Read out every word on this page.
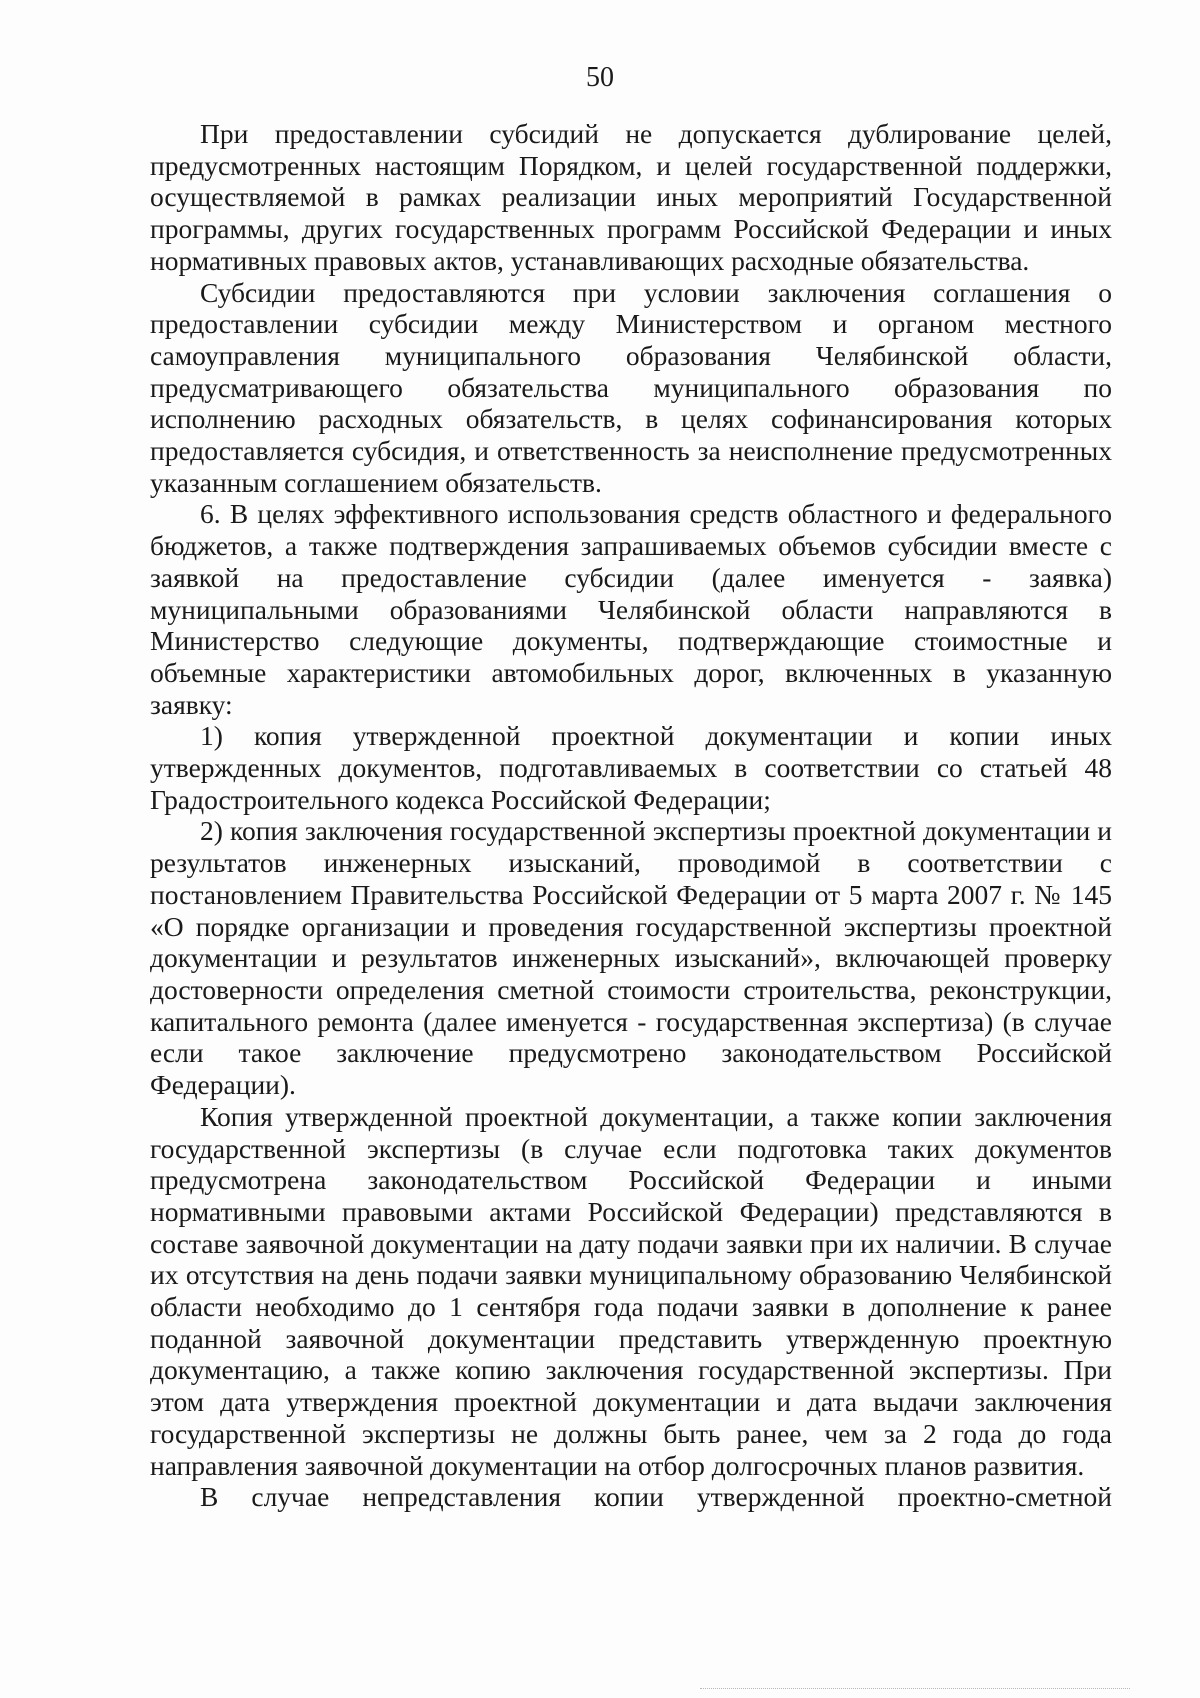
50

При предоставлении субсидий не допускается дублирование целей, предусмотренных настоящим Порядком, и целей государственной поддержки, осуществляемой в рамках реализации иных мероприятий Государственной программы, других государственных программ Российской Федерации и иных нормативных правовых актов, устанавливающих расходные обязательства.

Субсидии предоставляются при условии заключения соглашения о предоставлении субсидии между Министерством и органом местного самоуправления муниципального образования Челябинской области, предусматривающего обязательства муниципального образования по исполнению расходных обязательств, в целях софинансирования которых предоставляется субсидия, и ответственность за неисполнение предусмотренных указанным соглашением обязательств.

6. В целях эффективного использования средств областного и федерального бюджетов, а также подтверждения запрашиваемых объемов субсидии вместе с заявкой на предоставление субсидии (далее именуется - заявка) муниципальными образованиями Челябинской области направляются в Министерство следующие документы, подтверждающие стоимостные и объемные характеристики автомобильных дорог, включенных в указанную заявку:

1) копия утвержденной проектной документации и копии иных утвержденных документов, подготавливаемых в соответствии со статьей 48 Градостроительного кодекса Российской Федерации;

2) копия заключения государственной экспертизы проектной документации и результатов инженерных изысканий, проводимой в соответствии с постановлением Правительства Российской Федерации от 5 марта 2007 г. № 145 «О порядке организации и проведения государственной экспертизы проектной документации и результатов инженерных изысканий», включающей проверку достоверности определения сметной стоимости строительства, реконструкции, капитального ремонта (далее именуется - государственная экспертиза) (в случае если такое заключение предусмотрено законодательством Российской Федерации).

Копия утвержденной проектной документации, а также копии заключения государственной экспертизы (в случае если подготовка таких документов предусмотрена законодательством Российской Федерации и иными нормативными правовыми актами Российской Федерации) представляются в составе заявочной документации на дату подачи заявки при их наличии. В случае их отсутствия на день подачи заявки муниципальному образованию Челябинской области необходимо до 1 сентября года подачи заявки в дополнение к ранее поданной заявочной документации представить утвержденную проектную документацию, а также копию заключения государственной экспертизы. При этом дата утверждения проектной документации и дата выдачи заключения государственной экспертизы не должны быть ранее, чем за 2 года до года направления заявочной документации на отбор долгосрочных планов развития.

В случае непредставления копии утвержденной проектно-сметной
